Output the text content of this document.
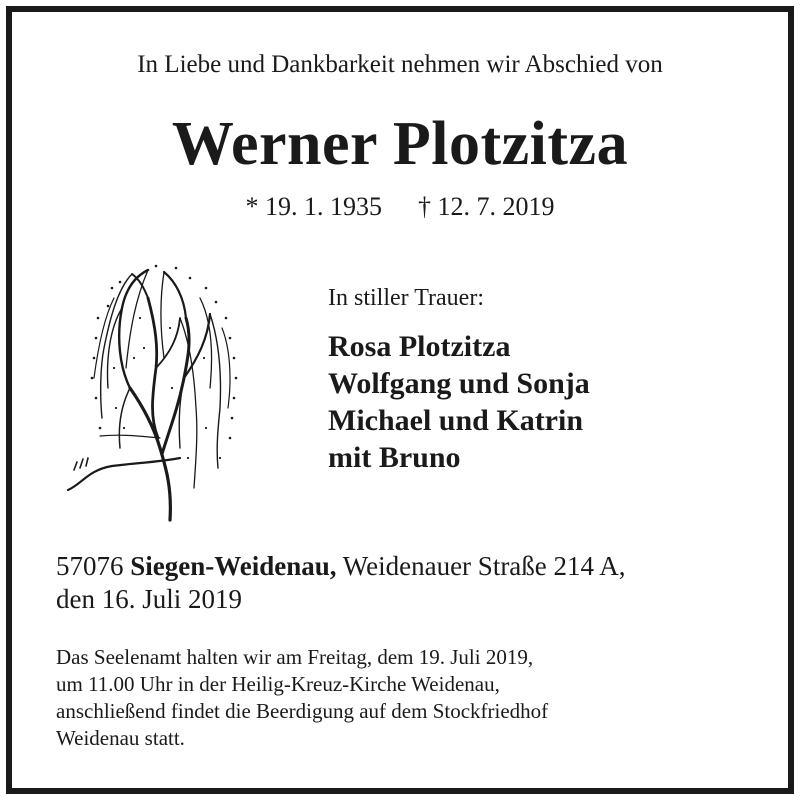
In Liebe und Dankbarkeit nehmen wir Abschied von
Werner Plotzitza
* 19. 1. 1935 † 12. 7. 2019
In stiller Trauer:
Rosa Plotzitza
Wolfgang und Sonja
Michael und Katrin
mit Bruno
57076 Siegen-Weidenau, Weidenauer Straße 214 A,
den 16. Juli 2019
Das Seelenamt halten wir am Freitag, dem 19. Juli 2019,
um 11.00 Uhr in der Heilig-Kreuz-Kirche Weidenau,
anschließend findet die Beerdigung auf dem Stockfriedhof
Weidenau statt.
